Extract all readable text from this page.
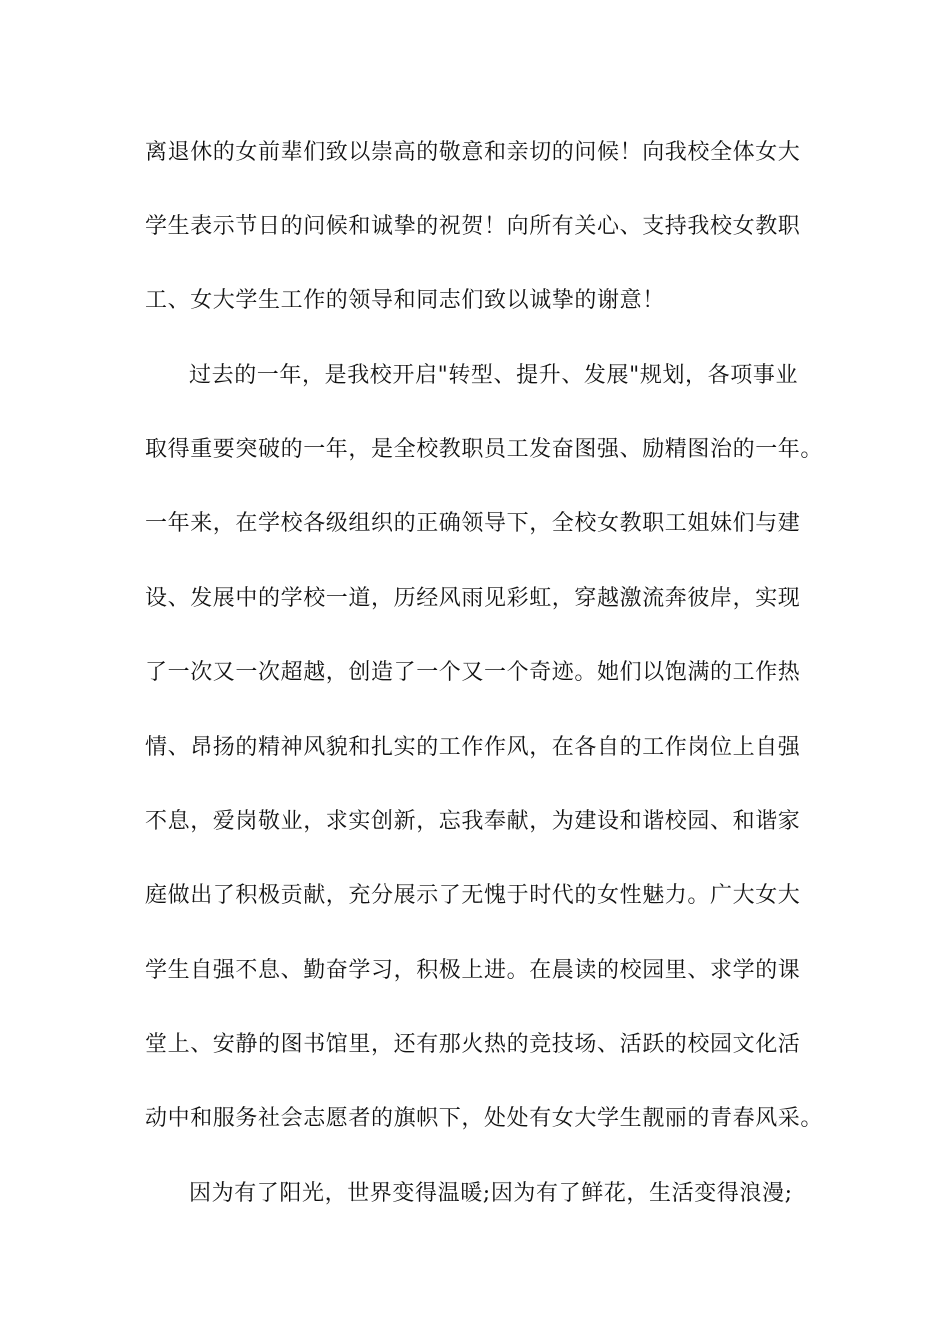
离退休的女前辈们致以崇高的敬意和亲切的问候！向我校全体女大
学生表示节日的问候和诚挚的祝贺！向所有关心、支持我校女教职
工、女大学生工作的领导和同志们致以诚挚的谢意！
过去的一年，是我校开启"转型、提升、发展"规划，各项事业
取得重要突破的一年，是全校教职员工发奋图强、励精图治的一年。
一年来，在学校各级组织的正确领导下，全校女教职工姐妹们与建
设、发展中的学校一道，历经风雨见彩虹，穿越激流奔彼岸，实现
了一次又一次超越，创造了一个又一个奇迹。她们以饱满的工作热
情、昂扬的精神风貌和扎实的工作作风，在各自的工作岗位上自强
不息，爱岗敬业，求实创新，忘我奉献，为建设和谐校园、和谐家
庭做出了积极贡献，充分展示了无愧于时代的女性魅力。广大女大
学生自强不息、勤奋学习，积极上进。在晨读的校园里、求学的课
堂上、安静的图书馆里，还有那火热的竞技场、活跃的校园文化活
动中和服务社会志愿者的旗帜下，处处有女大学生靓丽的青春风采。
因为有了阳光，世界变得温暖;因为有了鲜花，生活变得浪漫;
